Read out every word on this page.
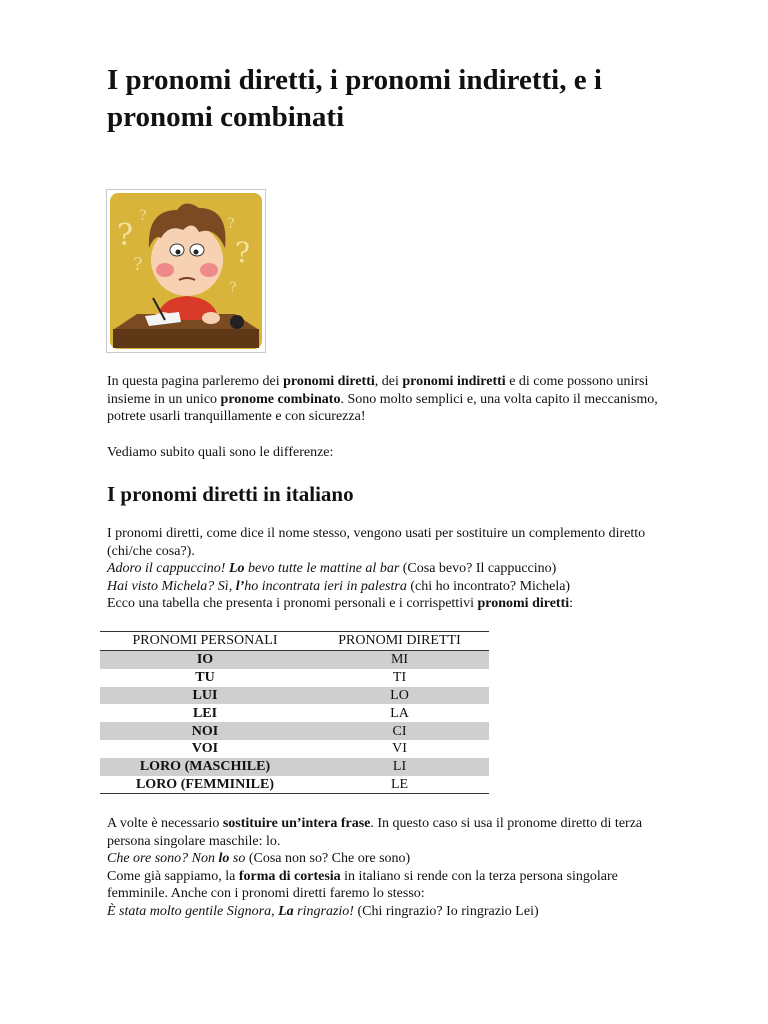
I pronomi diretti, i pronomi indiretti, e i pronomi combinati
?
?
?
?
?
?

In questa pagina parleremo dei pronomi diretti, dei pronomi indiretti e di come possono unirsi insieme in un unico pronome combinato. Sono molto semplici e, una volta capito il meccanismo, potrete usarli tranquillamente e con sicurezza!

Vediamo subito quali sono le differenze:

I pronomi diretti in italiano

I pronomi diretti, come dice il nome stesso, vengono usati per sostituire un complemento diretto (chi/che cosa?).
Adoro il cappuccino! Lo bevo tutte le mattine al bar (Cosa bevo? Il cappuccino)
Hai visto Michela? Sì, l’ho incontrata ieri in palestra (chi ho incontrato? Michela)
Ecco una tabella che presenta i pronomi personali e i corrispettivi pronomi diretti:

PRONOMI PERSONALI	PRONOMI DIRETTI
IO	MI
TU	TI
LUI	LO
LEI	LA
NOI	CI
VOI	VI
LORO (MASCHILE)	LI
LORO (FEMMINILE)	LE

A volte è necessario sostituire un’intera frase. In questo caso si usa il pronome diretto di terza persona singolare maschile: lo.
Che ore sono? Non lo so (Cosa non so? Che ore sono)
Come già sappiamo, la forma di cortesia in italiano si rende con la terza persona singolare femminile. Anche con i pronomi diretti faremo lo stesso:
È stata molto gentile Signora, La ringrazio! (Chi ringrazio? Io ringrazio Lei)
